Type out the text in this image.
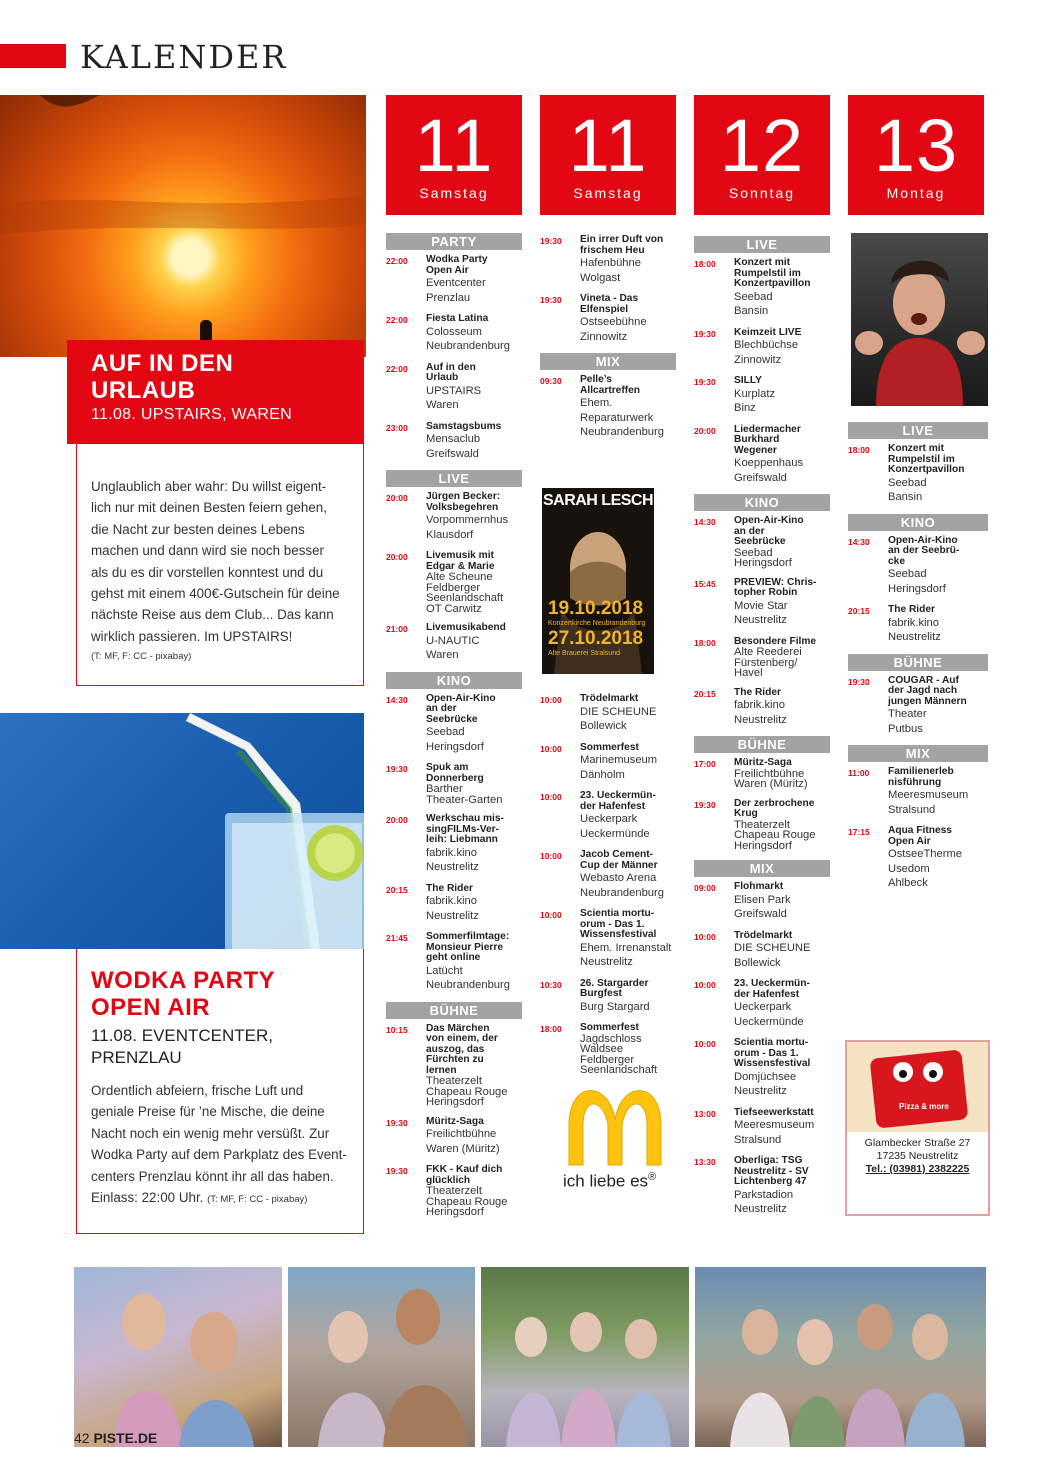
KALENDER
AUF IN DEN
URLAUB
11.08. UPSTAIRS, WAREN
Unglaublich aber wahr: Du willst eigent-
lich nur mit deinen Besten feiern gehen,
die Nacht zur besten deines Lebens
machen und dann wird sie noch besser
als du es dir vorstellen konntest und du
gehst mit einem 400€-Gutschein für deine
nächste Reise aus dem Club... Das kann
wirklich passieren. Im UPSTAIRS!
(T: MF, F: CC - pixabay)
WODKA PARTY
OPEN AIR
11.08. EVENTCENTER,
PRENZLAU
Ordentlich abfeiern, frische Luft und
geniale Preise für ’ne Mische, die deine
Nacht noch ein wenig mehr versüßt. Zur
Wodka Party auf dem Parkplatz des Event-
centers Prenzlau könnt ihr all das haben.
Einlass: 22:00 Uhr. (T: MF, F: CC - pixabay)
11
Samstag
11
Samstag
12
Sonntag
13
Montag
PARTY
22:00	Wodka Party
Open Air
Eventcenter
Prenzlau
22:00	Fiesta Latina
Colosseum
Neubrandenburg
22:00	Auf in den
Urlaub
UPSTAIRS
Waren
23:00	Samstagsbums
Mensaclub
Greifswald
LIVE
20:00	Jürgen Becker:
Volksbegehren
Vorpommernhus
Klausdorf
20:00	Livemusik mit
Edgar & Marie
Alte Scheune
Feldberger
Seenlandschaft
OT Carwitz
21:00	Livemusikabend
U-NAUTIC
Waren
KINO
14:30	Open-Air-Kino
an der
Seebrücke
Seebad
Heringsdorf
19:30	Spuk am
Donnerberg
Barther
Theater-Garten
20:00	Werkschau mis-
singFILMs-Ver-
leih: Liebmann
fabrik.kino
Neustrelitz
20:15	The Rider
fabrik.kino
Neustrelitz
21:45	Sommerfilmtage:
Monsieur Pierre
geht online
Latücht
Neubrandenburg
BÜHNE
10:15	Das Märchen
von einem, der
auszog, das
Fürchten zu
lernen
Theaterzelt
Chapeau Rouge
Heringsdorf
19:30	Müritz-Saga
Freilichtbühne
Waren (Müritz)
19:30	FKK - Kauf dich
glücklich
Theaterzelt
Chapeau Rouge
Heringsdorf
19:30	Ein irrer Duft von
frischem Heu
Hafenbühne
Wolgast
19:30	Vineta - Das
Elfenspiel
Ostseebühne
Zinnowitz
MIX
09:30	Pelle’s
Allcartreffen
Ehem.
Reparaturwerk
Neubrandenburg
10:00	Trödelmarkt
DIE SCHEUNE
Bollewick
10:00	Sommerfest
Marinemuseum
Dänholm
10:00	23. Ueckermün-
der Hafenfest
Ueckerpark
Ueckermünde
10:00	Jacob Cement-
Cup der Männer
Webasto Arena
Neubrandenburg
10:00	Scientia mortu-
orum - Das 1.
Wissensfestival
Ehem. Irrenanstalt
Neustrelitz
10:30	26. Stargarder
Burgfest
Burg Stargard
18:00	Sommerfest
Jagdschloss
Waldsee
Feldberger
Seenlandschaft
LIVE
18:00	Konzert mit
Rumpelstil im
Konzertpavillon
Seebad
Bansin
19:30	Keimzeit LIVE
Blechbüchse
Zinnowitz
19:30	SILLY
Kurplatz
Binz
20:00	Liedermacher
Burkhard
Wegener
Koeppenhaus
Greifswald
KINO
14:30	Open-Air-Kino
an der
Seebrücke
Seebad
Heringsdorf
15:45	PREVIEW: Chris-
topher Robin
Movie Star
Neustrelitz
18:00	Besondere Filme
Alte Reederei
Fürstenberg/
Havel
20:15	The Rider
fabrik.kino
Neustrelitz
BÜHNE
17:00	Müritz-Saga
Freilichtbühne
Waren (Müritz)
19:30	Der zerbrochene
Krug
Theaterzelt
Chapeau Rouge
Heringsdorf
MIX
09:00	Flohmarkt
Elisen Park
Greifswald
10:00	Trödelmarkt
DIE SCHEUNE
Bollewick
10:00	23. Ueckermün-
der Hafenfest
Ueckerpark
Ueckermünde
10:00	Scientia mortu-
orum - Das 1.
Wissensfestival
Domjüchsee
Neustrelitz
13:00	Tiefseewerkstatt
Meeresmuseum
Stralsund
13:30	Oberliga: TSG
Neustrelitz - SV
Lichtenberg 47
Parkstadion
Neustrelitz
LIVE
18:00	Konzert mit
Rumpelstil im
Konzertpavillon
Seebad
Bansin
KINO
14:30	Open-Air-Kino
an der Seebrü-
cke
Seebad
Heringsdorf
20:15	The Rider
fabrik.kino
Neustrelitz
BÜHNE
19:30	COUGAR - Auf
der Jagd nach
jungen Männern
Theater
Putbus
MIX
11:00	Familienerleb
nisführung
Meeresmuseum
Stralsund
17:15	Aqua Fitness
Open Air
OstseeTherme
Usedom
Ahlbeck
SARAH LESCH
19.10.2018
Konzertkirche Neubrandenburg
27.10.2018
Alte Brauerei Stralsund
ich liebe es®
Pizza & more
Glambecker Straße 27
17235 Neustrelitz
Tel.: (03981) 2382225
42 PISTE.DE
